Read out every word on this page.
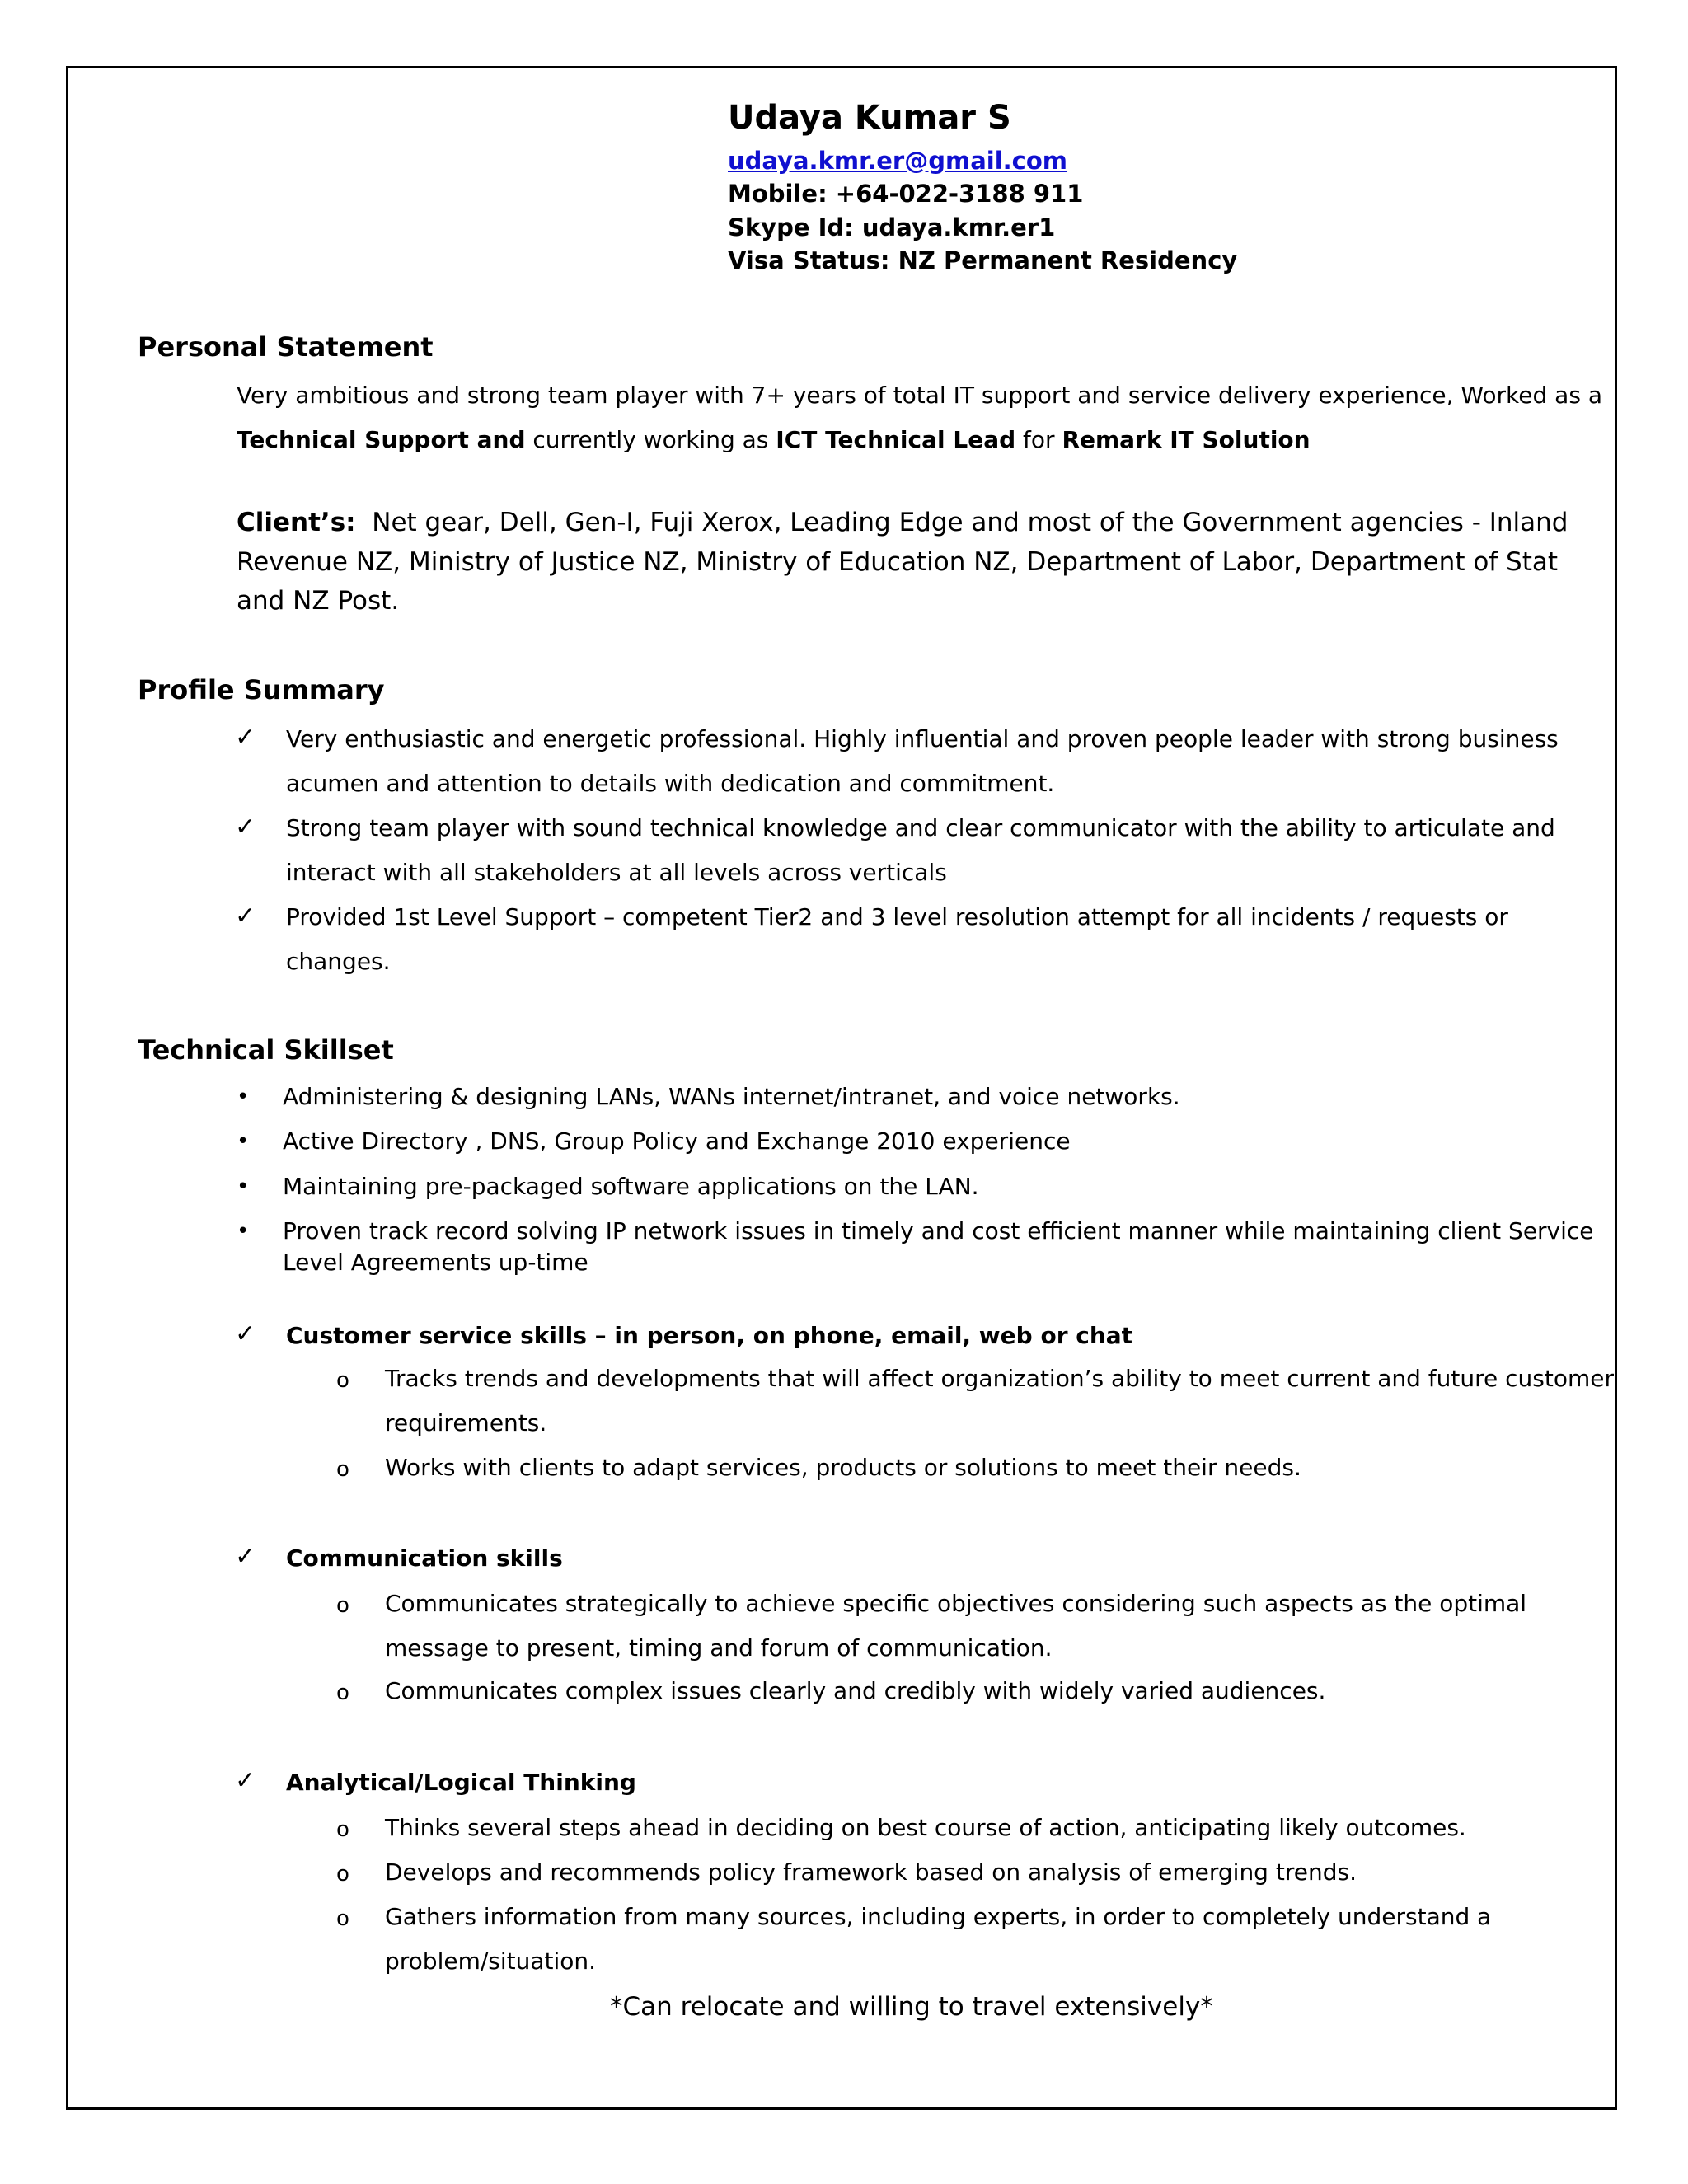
Udaya Kumar S
udaya.kmr.er@gmail.com
Mobile: +64-022-3188 911
Skype Id: udaya.kmr.er1
Visa Status: NZ Permanent Residency
Personal Statement
Very ambitious and strong team player with 7+ years of total IT support and service delivery experience, Worked as a
Technical Support and currently working as ICT Technical Lead for Remark IT Solution
Client’s: Net gear, Dell, Gen-I, Fuji Xerox, Leading Edge and most of the Government agencies - Inland
Revenue NZ, Ministry of Justice NZ, Ministry of Education NZ, Department of Labor, Department of Stat
and NZ Post.
Profile Summary
✓ Very enthusiastic and energetic professional. Highly influential and proven people leader with strong business
acumen and attention to details with dedication and commitment.
✓ Strong team player with sound technical knowledge and clear communicator with the ability to articulate and
interact with all stakeholders at all levels across verticals
✓ Provided 1st Level Support – competent Tier2 and 3 level resolution attempt for all incidents / requests or
changes.
Technical Skillset
• Administering & designing LANs, WANs internet/intranet, and voice networks.
• Active Directory , DNS, Group Policy and Exchange 2010 experience
• Maintaining pre-packaged software applications on the LAN.
• Proven track record solving IP network issues in timely and cost efficient manner while maintaining client Service
Level Agreements up-time
✓ Customer service skills – in person, on phone, email, web or chat
o Tracks trends and developments that will affect organization’s ability to meet current and future customer
requirements.
o Works with clients to adapt services, products or solutions to meet their needs.
✓ Communication skills
o Communicates strategically to achieve specific objectives considering such aspects as the optimal
message to present, timing and forum of communication.
o Communicates complex issues clearly and credibly with widely varied audiences.
✓ Analytical/Logical Thinking
o Thinks several steps ahead in deciding on best course of action, anticipating likely outcomes.
o Develops and recommends policy framework based on analysis of emerging trends.
o Gathers information from many sources, including experts, in order to completely understand a
problem/situation.
*Can relocate and willing to travel extensively*
